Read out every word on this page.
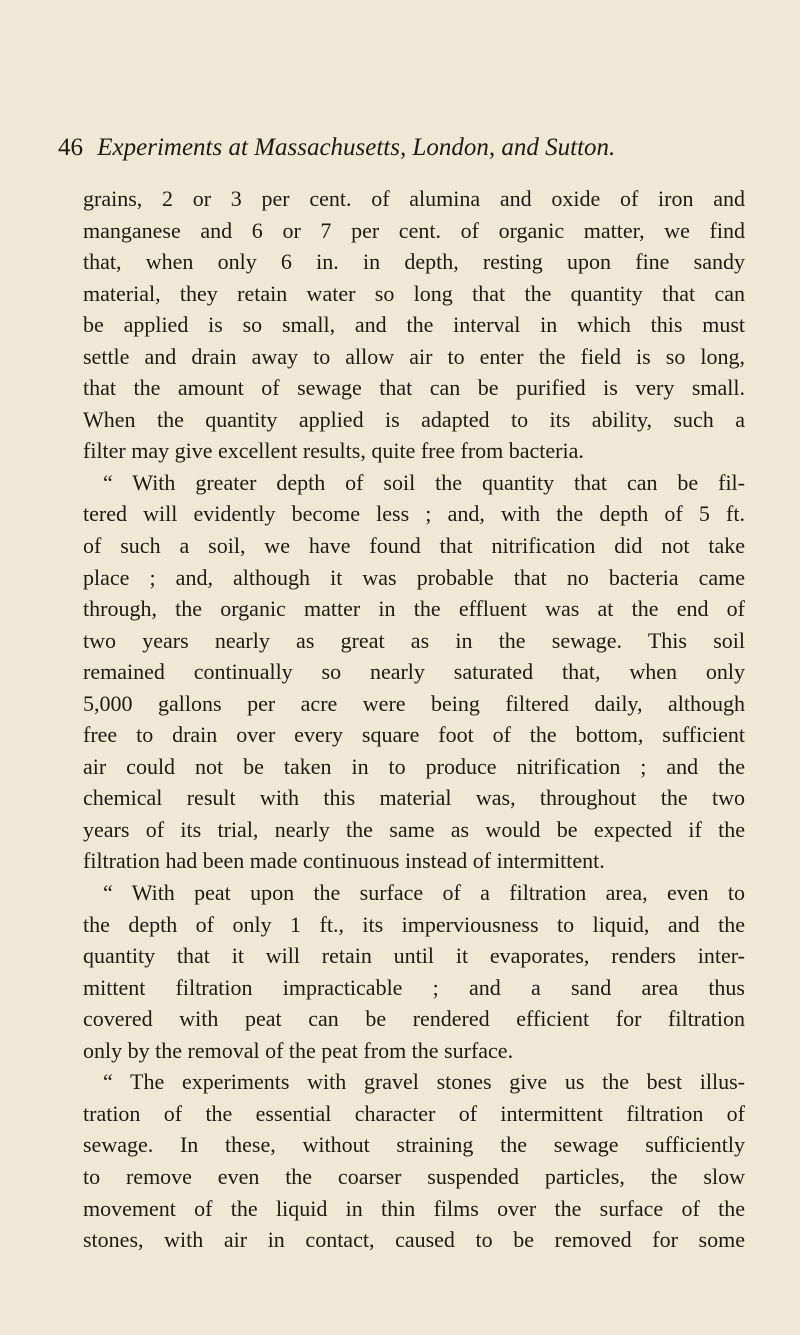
46 Experiments at Massachusetts, London, and Sutton.
grains, 2 or 3 per cent. of alumina and oxide of iron and
manganese and 6 or 7 per cent. of organic matter, we find
that, when only 6 in. in depth, resting upon fine sandy
material, they retain water so long that the quantity that can
be applied is so small, and the interval in which this must
settle and drain away to allow air to enter the field is so long,
that the amount of sewage that can be purified is very small.
When the quantity applied is adapted to its ability, such a
filter may give excellent results, quite free from bacteria.
“ With greater depth of soil the quantity that can be fil-
tered will evidently become less ; and, with the depth of 5 ft.
of such a soil, we have found that nitrification did not take
place ; and, although it was probable that no bacteria came
through, the organic matter in the effluent was at the end of
two years nearly as great as in the sewage. This soil
remained continually so nearly saturated that, when only
5,000 gallons per acre were being filtered daily, although
free to drain over every square foot of the bottom, sufficient
air could not be taken in to produce nitrification ; and the
chemical result with this material was, throughout the two
years of its trial, nearly the same as would be expected if the
filtration had been made continuous instead of intermittent.
“ With peat upon the surface of a filtration area, even to
the depth of only 1 ft., its imperviousness to liquid, and the
quantity that it will retain until it evaporates, renders inter-
mittent filtration impracticable ; and a sand area thus
covered with peat can be rendered efficient for filtration
only by the removal of the peat from the surface.
“ The experiments with gravel stones give us the best illus-
tration of the essential character of intermittent filtration of
sewage. In these, without straining the sewage sufficiently
to remove even the coarser suspended particles, the slow
movement of the liquid in thin films over the surface of the
stones, with air in contact, caused to be removed for some
